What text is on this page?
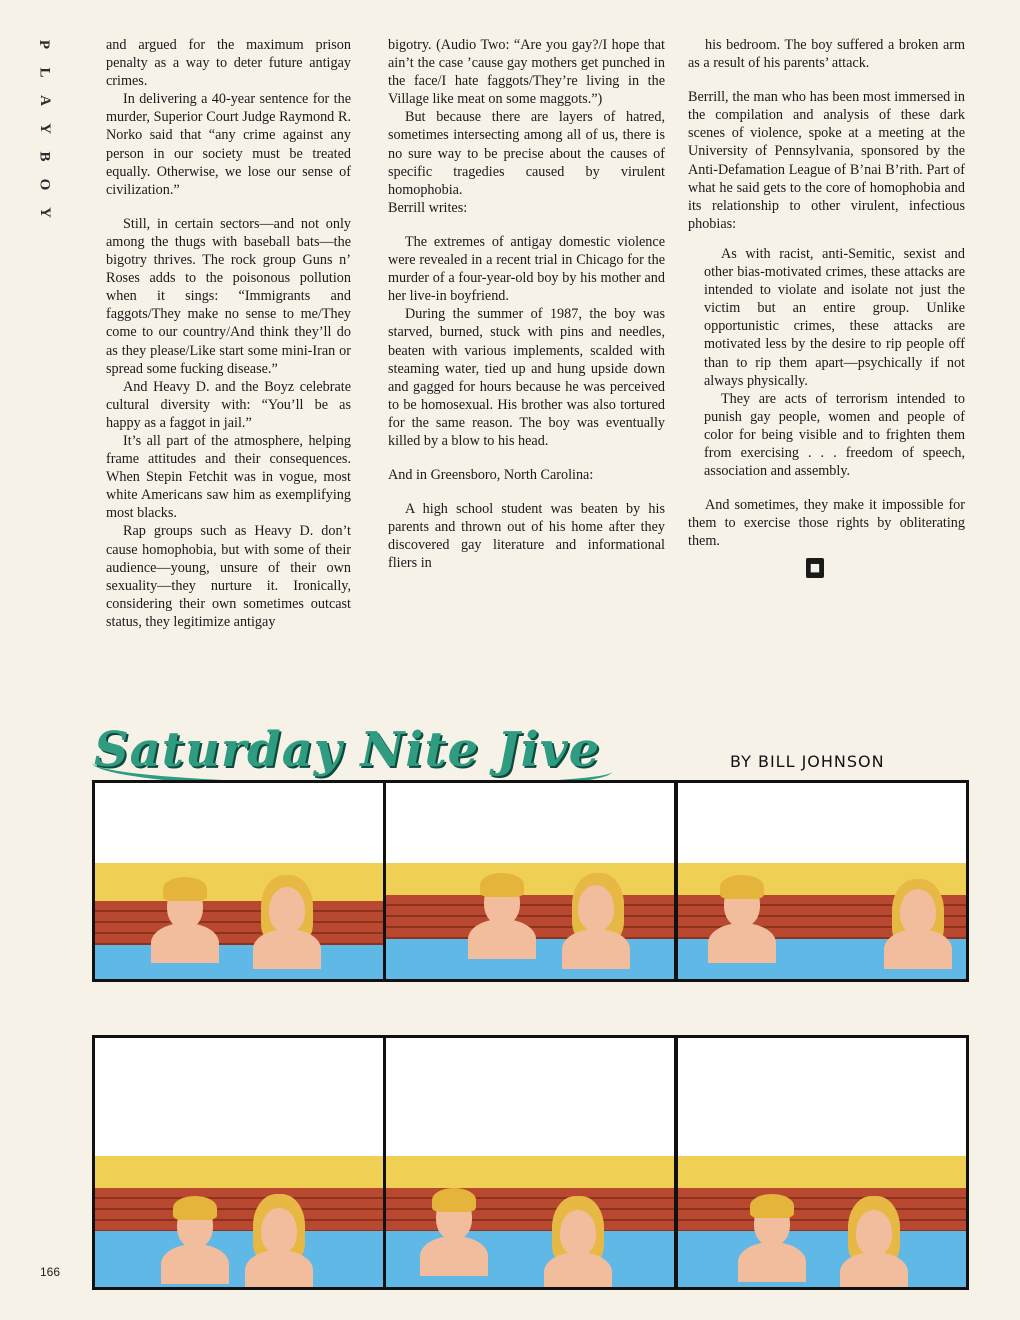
P
L
A
Y
B
O
Y

and argued for the maximum prison penalty as a way to deter future antigay crimes.

In delivering a 40-year sentence for the murder, Superior Court Judge Raymond R. Norko said that “any crime against any person in our society must be treated equally. Otherwise, we lose our sense of civilization.”

Still, in certain sectors—and not only among the thugs with baseball bats—the bigotry thrives. The rock group Guns n’ Roses adds to the poisonous pollution when it sings: “Immigrants and faggots/They make no sense to me/They come to our country/And think they’ll do as they please/Like start some mini-Iran or spread some fucking disease.”

And Heavy D. and the Boyz celebrate cultural diversity with: “You’ll be as happy as a faggot in jail.”

It’s all part of the atmosphere, helping frame attitudes and their consequences. When Stepin Fetchit was in vogue, most white Americans saw him as exemplifying most blacks.

Rap groups such as Heavy D. don’t cause homophobia, but with some of their audience—young, unsure of their own sexuality—they nurture it. Ironically, considering their own sometimes outcast status, they legitimize antigay

bigotry. (Audio Two: “Are you gay?/I hope that ain’t the case ’cause gay mothers get punched in the face/I hate faggots/They’re living in the Village like meat on some maggots.”)

But because there are layers of hatred, sometimes intersecting among all of us, there is no sure way to be precise about the causes of specific tragedies caused by virulent homophobia.

Berrill writes:

The extremes of antigay domestic violence were revealed in a recent trial in Chicago for the murder of a four-year-old boy by his mother and her live-in boyfriend.

During the summer of 1987, the boy was starved, burned, stuck with pins and needles, beaten with various implements, scalded with steaming water, tied up and hung upside down and gagged for hours because he was perceived to be homosexual. His brother was also tortured for the same reason. The boy was eventually killed by a blow to his head.

And in Greensboro, North Carolina:

A high school student was beaten by his parents and thrown out of his home after they discovered gay literature and informational fliers in

his bedroom. The boy suffered a broken arm as a result of his parents’ attack.

Berrill, the man who has been most immersed in the compilation and analysis of these dark scenes of violence, spoke at a meeting at the University of Pennsylvania, sponsored by the Anti-Defamation League of B’nai B’rith. Part of what he said gets to the core of homophobia and its relationship to other virulent, infectious phobias:

As with racist, anti-Semitic, sexist and other bias-motivated crimes, these attacks are intended to violate and isolate not just the victim but an entire group. Unlike opportunistic crimes, these attacks are motivated less by the desire to rip people off than to rip them apart—psychically if not always physically.

They are acts of terrorism intended to punish gay people, women and people of color for being visible and to frighten them from exercising . . . freedom of speech, association and assembly.

And sometimes, they make it impossible for them to exercise those rights by obliterating them.

■
Saturday Nite Jive	BY BILL JOHNSON
166
